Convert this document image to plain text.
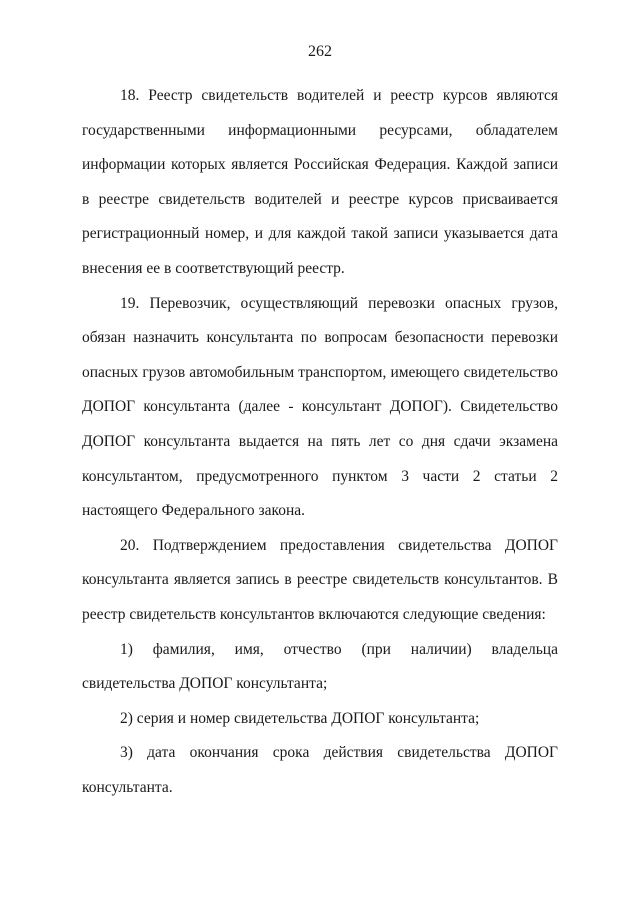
262

18. Реестр свидетельств водителей и реестр курсов являются государственными информационными ресурсами, обладателем информации которых является Российская Федерация. Каждой записи в реестре свидетельств водителей и реестре курсов присваивается регистрационный номер, и для каждой такой записи указывается дата внесения ее в соответствующий реестр.

19. Перевозчик, осуществляющий перевозки опасных грузов, обязан назначить консультанта по вопросам безопасности перевозки опасных грузов автомобильным транспортом, имеющего свидетельство ДОПОГ консультанта (далее - консультант ДОПОГ). Свидетельство ДОПОГ консультанта выдается на пять лет со дня сдачи экзамена консультантом, предусмотренного пунктом 3 части 2 статьи 2 настоящего Федерального закона.

20. Подтверждением предоставления свидетельства ДОПОГ консультанта является запись в реестре свидетельств консультантов. В реестр свидетельств консультантов включаются следующие сведения:

1) фамилия, имя, отчество (при наличии) владельца свидетельства ДОПОГ консультанта;

2) серия и номер свидетельства ДОПОГ консультанта;

3) дата окончания срока действия свидетельства ДОПОГ консультанта.
